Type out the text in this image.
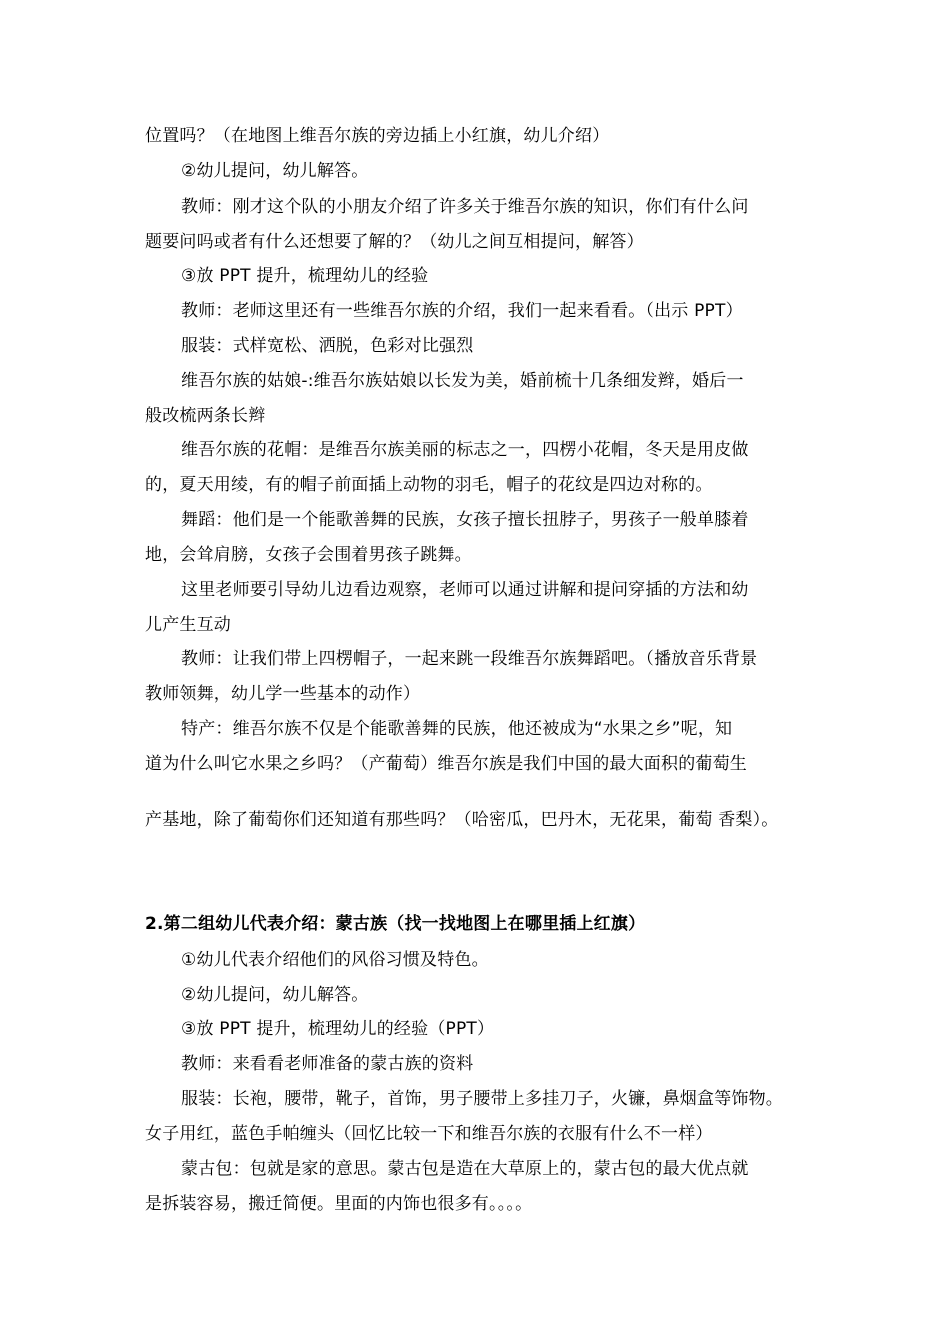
位置吗？（在地图上维吾尔族的旁边插上小红旗，幼儿介绍）
②幼儿提问，幼儿解答。
教师：刚才这个队的小朋友介绍了许多关于维吾尔族的知识，你们有什么问
题要问吗或者有什么还想要了解的？（幼儿之间互相提问，解答）
③放 PPT 提升，梳理幼儿的经验
教师：老师这里还有一些维吾尔族的介绍，我们一起来看看。（出示 PPT）
服装：式样宽松、洒脱，色彩对比强烈
维吾尔族的姑娘-:维吾尔族姑娘以长发为美，婚前梳十几条细发辫，婚后一
般改梳两条长辫
维吾尔族的花帽：是维吾尔族美丽的标志之一，四楞小花帽，冬天是用皮做
的，夏天用绫，有的帽子前面插上动物的羽毛，帽子的花纹是四边对称的。
舞蹈：他们是一个能歌善舞的民族，女孩子擅长扭脖子，男孩子一般单膝着
地，会耸肩膀，女孩子会围着男孩子跳舞。
这里老师要引导幼儿边看边观察，老师可以通过讲解和提问穿插的方法和幼
儿产生互动
教师：让我们带上四楞帽子，一起来跳一段维吾尔族舞蹈吧。（播放音乐背景
教师领舞，幼儿学一些基本的动作）
特产：维吾尔族不仅是个能歌善舞的民族，他还被成为“水果之乡”呢，知
道为什么叫它水果之乡吗？（产葡萄）维吾尔族是我们中国的最大面积的葡萄生
产基地，除了葡萄你们还知道有那些吗？（哈密瓜，巴丹木，无花果，葡萄 香梨）。
2.第二组幼儿代表介绍：蒙古族（找一找地图上在哪里插上红旗）
①幼儿代表介绍他们的风俗习惯及特色。
②幼儿提问，幼儿解答。
③放 PPT 提升，梳理幼儿的经验（PPT）
教师：来看看老师准备的蒙古族的资料
服装：长袍，腰带，靴子，首饰，男子腰带上多挂刀子，火镰，鼻烟盒等饰物。
女子用红，蓝色手帕缠头（回忆比较一下和维吾尔族的衣服有什么不一样）
蒙古包：包就是家的意思。蒙古包是造在大草原上的，蒙古包的最大优点就
是拆装容易，搬迁简便。里面的内饰也很多有。。。。
